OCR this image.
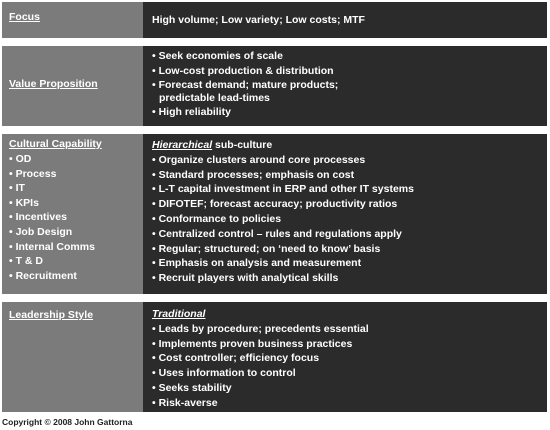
Focus	High volume; Low variety; Low costs; MTF
Value Proposition
• Seek economies of scale
• Low-cost production & distribution
• Forecast demand; mature products;
predictable lead-times
• High reliability
Cultural Capability
• OD
• Process
• IT
• KPIs
• Incentives
• Job Design
• Internal Comms
• T & D
• Recruitment
Hierarchical sub-culture
• Organize clusters around core processes
• Standard processes; emphasis on cost
• L-T capital investment in ERP and other IT systems
• DIFOTEF; forecast accuracy; productivity ratios
• Conformance to policies
• Centralized control – rules and regulations apply
• Regular; structured; on ‘need to know’ basis
• Emphasis on analysis and measurement
• Recruit players with analytical skills
Leadership Style	Traditional
• Leads by procedure; precedents essential
• Implements proven business practices
• Cost controller; efficiency focus
• Uses information to control
• Seeks stability
• Risk-averse
Copyright © 2008 John Gattorna
